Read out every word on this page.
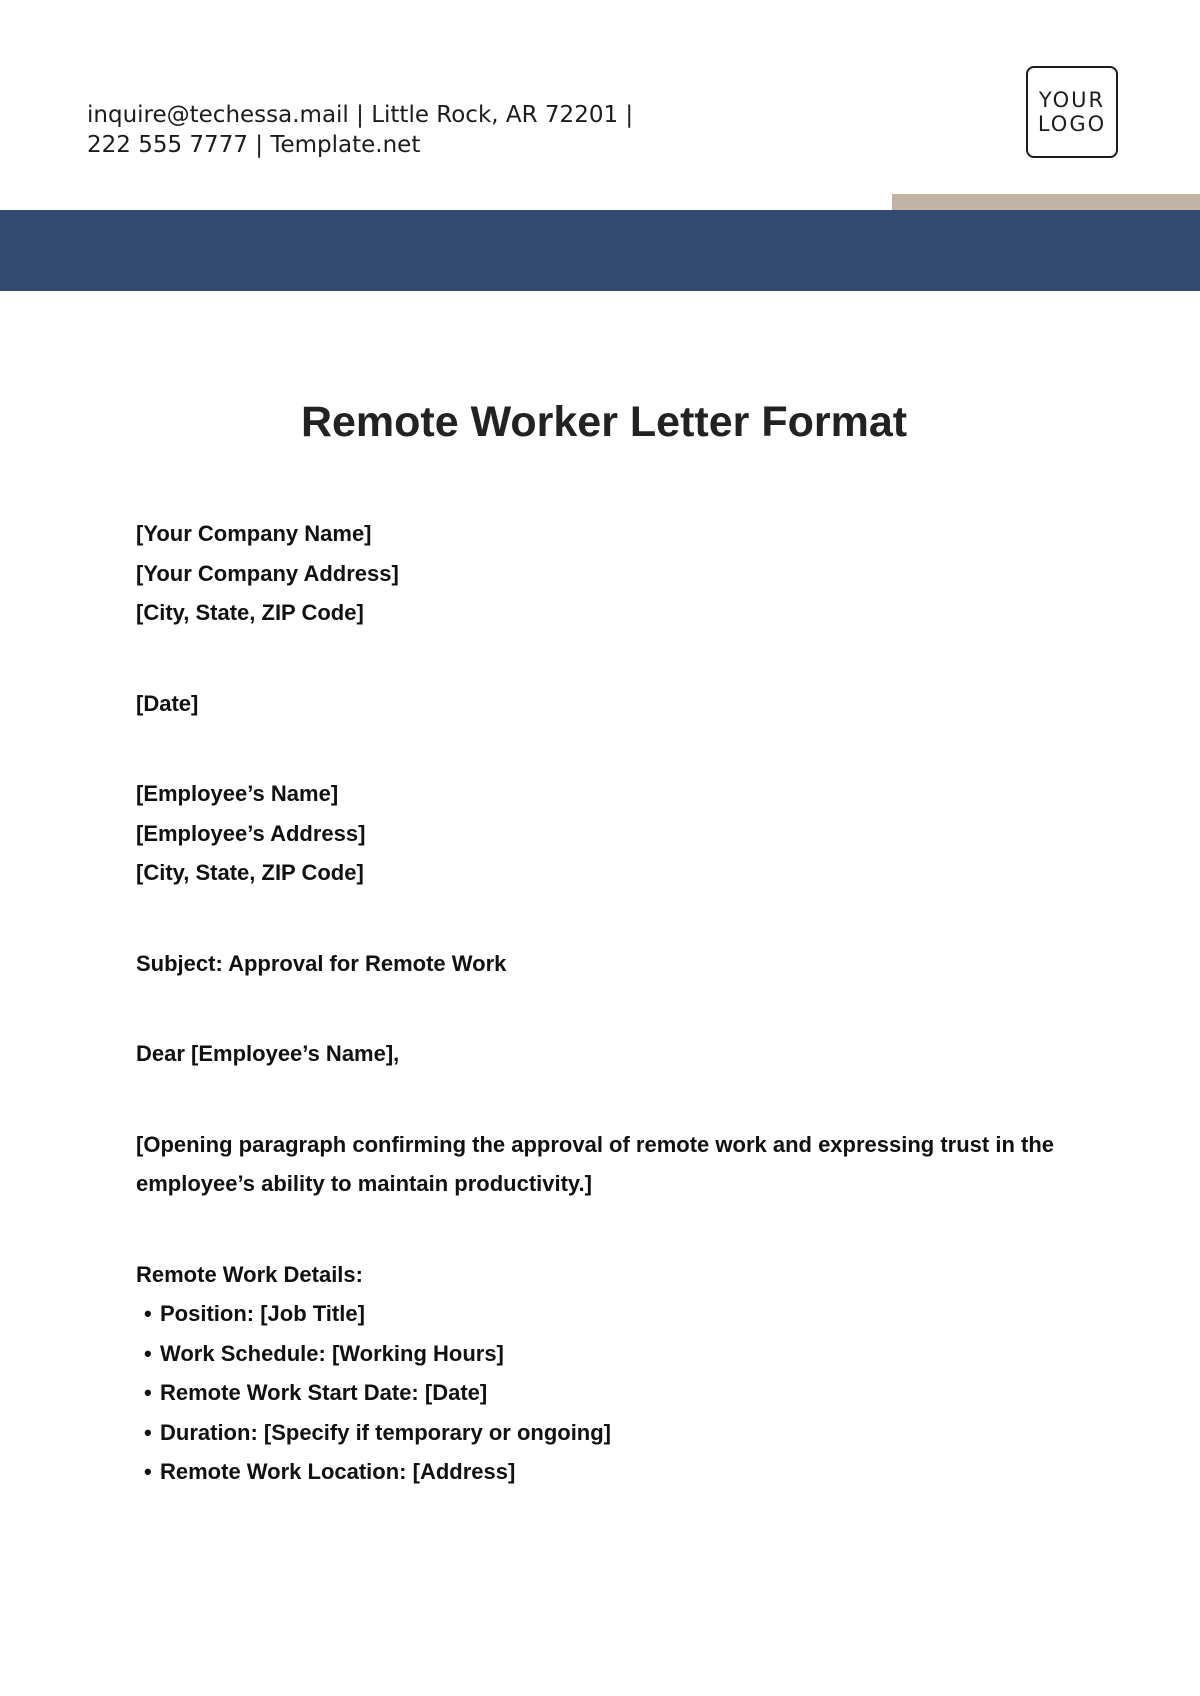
inquire@techessa.mail | Little Rock, AR 72201 |
222 555 7777 | Template.net
YOUR
LOGO
Remote Worker Letter Format

[Your Company Name]

[Your Company Address]

[City, State, ZIP Code]

[Date]

[Employee’s Name]

[Employee’s Address]

[City, State, ZIP Code]

Subject: Approval for Remote Work

Dear [Employee’s Name],

[Opening paragraph confirming the approval of remote work and expressing trust in the employee’s ability to maintain productivity.]

Remote Work Details:

• Position: [Job Title]
• Work Schedule: [Working Hours]
• Remote Work Start Date: [Date]
• Duration: [Specify if temporary or ongoing]
• Remote Work Location: [Address]
